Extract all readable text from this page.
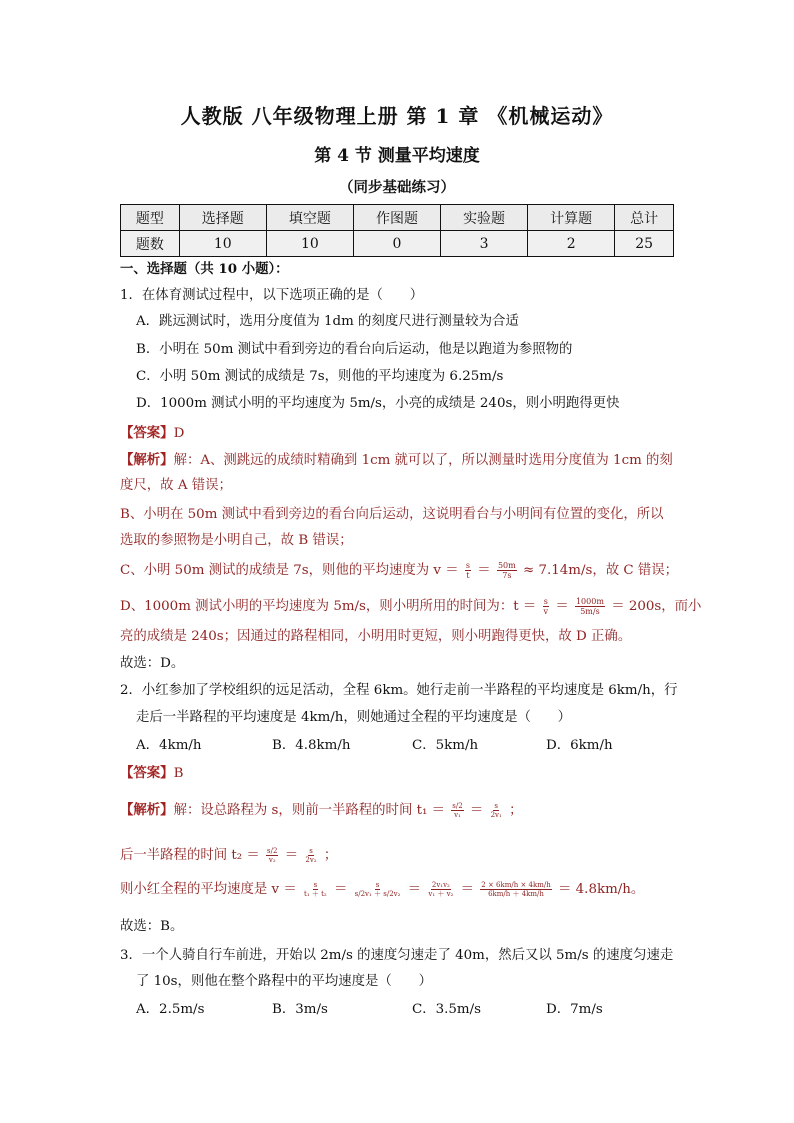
人教版 八年级物理上册 第 1 章 《机械运动》
第 4 节 测量平均速度
（同步基础练习）
题型	选择题	填空题	作图题	实验题	计算题	总计
题数	10	10	0	3	2	25
一、选择题（共 10 小题）：
1．在体育测试过程中，以下选项正确的是（　　）
A．跳远测试时，选用分度值为 1dm 的刻度尺进行测量较为合适
B．小明在 50m 测试中看到旁边的看台向后运动，他是以跑道为参照物的
C．小明 50m 测试的成绩是 7s，则他的平均速度为 6.25m/s
D．1000m 测试小明的平均速度为 5m/s，小亮的成绩是 240s，则小明跑得更快
【答案】D
【解析】解：A、测跳远的成绩时精确到 1cm 就可以了，所以测量时选用分度值为 1cm 的刻
度尺，故 A 错误；
B、小明在 50m 测试中看到旁边的看台向后运动，这说明看台与小明间有位置的变化，所以
选取的参照物是小明自己，故 B 错误；
C、小明 50m 测试的成绩是 7s，则他的平均速度为 $v = \frac{s}{t} = \frac{50m}{7s} \approx 7.14m/s$，故 C 错误；
D、1000m 测试小明的平均速度为 5m/s，则小明所用的时间为：$t = \frac{s}{v} = \frac{1000m}{5m/s} = 200s$，而小
亮的成绩是 240s；因通过的路程相同，小明用时更短，则小明跑得更快，故 D 正确。
故选：D。
2．小红参加了学校组织的远足活动，全程 6km。她行走前一半路程的平均速度是 6km/h，行
走后一半路程的平均速度是 4km/h，则她通过全程的平均速度是（　　）
A．4km/h	B．4.8km/h	C．5km/h	D．6km/h
【答案】B
【解析】解：设总路程为 s，则前一半路程的时间 $t_1 = \frac{s/2}{\text{v₁}} = \frac{s}{\text{2v₁}}$ ；
后一半路程的时间 $t_2 = \frac{s/2}{\text{v₂}} = \frac{s}{\text{2v₂}}$ ；
则小红全程的平均速度是 $v = \frac{s}{\text{t₁ ＋ t₂}} = \frac{s}{\text{s/2v₁ ＋ s/2v₂}} = \frac{\text{2v₁v₂}}{\text{v₁ ＋ v₂}} = \frac{2 \times 6km/h \times 4km/h}{6km/h + 4km/h} = 4.8km/h$。
故选：B。
3．一个人骑自行车前进，开始以 2m/s 的速度匀速走了 40m，然后又以 5m/s 的速度匀速走
了 10s，则他在整个路程中的平均速度是（　　）
A．2.5m/s	B．3m/s	C．3.5m/s	D．7m/s
